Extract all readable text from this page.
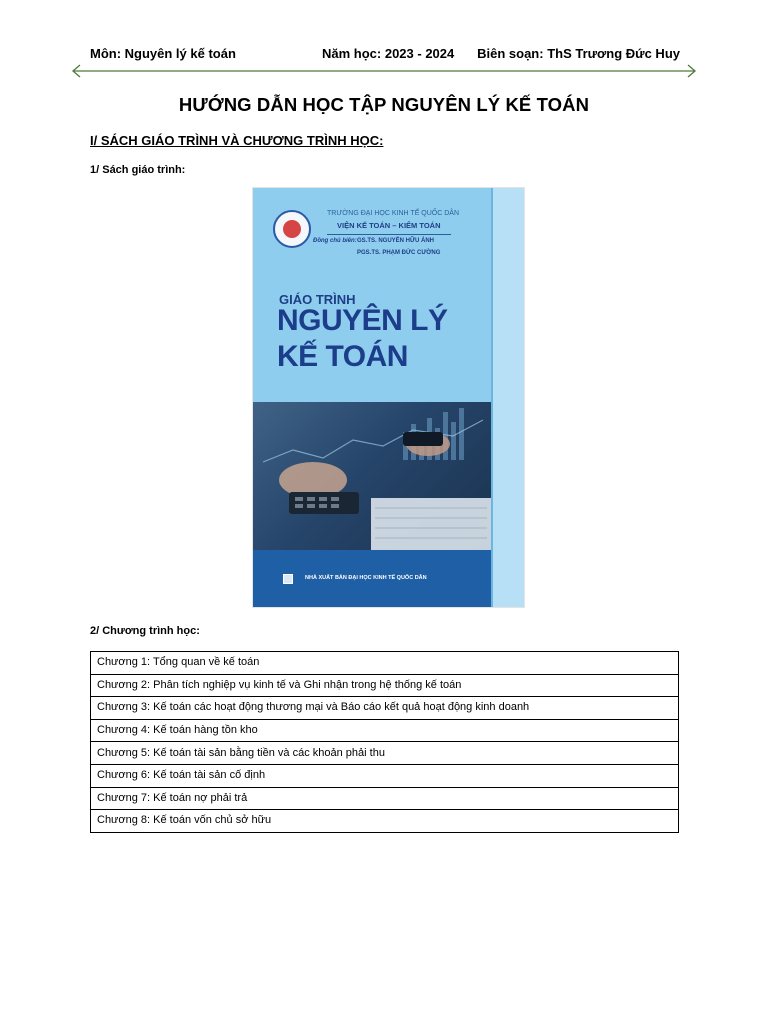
Môn: Nguyên lý kế toán	Năm học: 2023 - 2024 Biên soạn: ThS Trương Đức Huy
HƯỚNG DẪN HỌC TẬP NGUYÊN LÝ KẾ TOÁN
I/ SÁCH GIÁO TRÌNH VÀ CHƯƠNG TRÌNH HỌC:
1/ Sách giáo trình:
TRƯỜNG ĐẠI HỌC KINH TẾ QUỐC DÂN
VIỆN KẾ TOÁN – KIỂM TOÁN
Đồng chủ biên: GS.TS. NGUYỄN HỮU ÁNH
PGS.TS. PHẠM ĐỨC CƯỜNG
GIÁO TRÌNH
NGUYÊN LÝ
KẾ TOÁN
NHÀ XUẤT BẢN ĐẠI HỌC KINH TẾ QUỐC DÂN
2/ Chương trình học:
Chương 1: Tổng quan về kế toán
Chương 2: Phân tích nghiệp vụ kinh tế và Ghi nhận trong hệ thống kế toán
Chương 3: Kế toán các hoạt động thương mại và Báo cáo kết quả hoạt động kinh doanh
Chương 4: Kế toán hàng tồn kho
Chương 5: Kế toán tài sản bằng tiền và các khoản phải thu
Chương 6: Kế toán tài sản cố định
Chương 7: Kế toán nợ phải trả
Chương 8: Kế toán vốn chủ sở hữu
